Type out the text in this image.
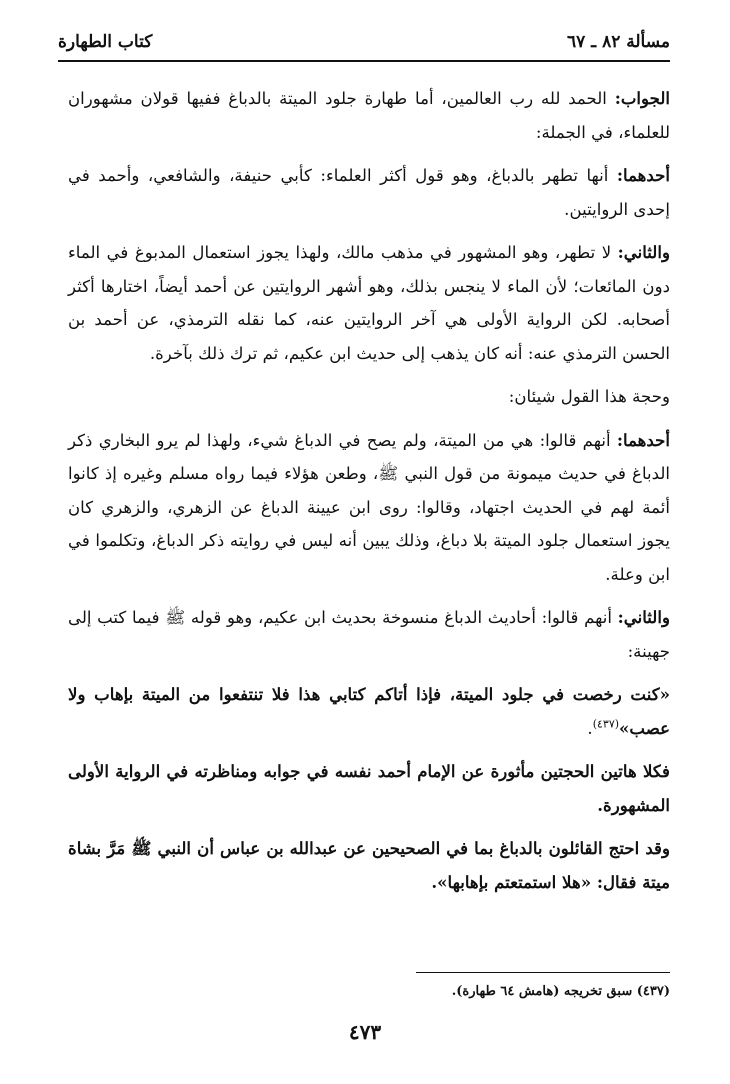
مسألة ٨٢ ـ ٦٧
كتاب الطهارة

الجواب: الحمد لله رب العالمين، أما طهارة جلود الميتة بالدباغ ففيها قولان مشهوران للعلماء، في الجملة:

أحدهما: أنها تطهر بالدباغ، وهو قول أكثر العلماء: كأبي حنيفة، والشافعي، وأحمد في إحدى الروايتين.

والثاني: لا تطهر، وهو المشهور في مذهب مالك، ولهذا يجوز استعمال المدبوغ في الماء دون المائعات؛ لأن الماء لا ينجس بذلك، وهو أشهر الروايتين عن أحمد أيضاً، اختارها أكثر أصحابه. لكن الرواية الأولى هي آخر الروايتين عنه، كما نقله الترمذي، عن أحمد بن الحسن الترمذي عنه: أنه كان يذهب إلى حديث ابن عكيم، ثم ترك ذلك بآخرة.

وحجة هذا القول شيئان:

أحدهما: أنهم قالوا: هي من الميتة، ولم يصح في الدباغ شيء، ولهذا لم يرو البخاري ذكر الدباغ في حديث ميمونة من قول النبي ﷺ، وطعن هؤلاء فيما رواه مسلم وغيره إذ كانوا أئمة لهم في الحديث اجتهاد، وقالوا: روى ابن عيينة الدباغ عن الزهري، والزهري كان يجوز استعمال جلود الميتة بلا دباغ، وذلك يبين أنه ليس في روايته ذكر الدباغ، وتكلموا في ابن وعلة.

والثاني: أنهم قالوا: أحاديث الدباغ منسوخة بحديث ابن عكيم، وهو قوله ﷺ فيما كتب إلى جهينة:

«كنت رخصت في جلود الميتة، فإذا أتاكم كتابي هذا فلا تنتفعوا من الميتة بإهاب ولا عصب»$^{(٤٣٧)}$.

فكلا هاتين الحجتين مأثورة عن الإمام أحمد نفسه في جوابه ومناظرته في الرواية الأولى المشهورة.

وقد احتج القائلون بالدباغ بما في الصحيحين عن عبدالله بن عباس أن النبي ﷺ مَرَّ بشاة ميتة فقال: «هلا استمتعتم بإهابها».

(٤٣٧) سبق تخريجه (هامش ٦٤ طهارة).
٤٧٣
